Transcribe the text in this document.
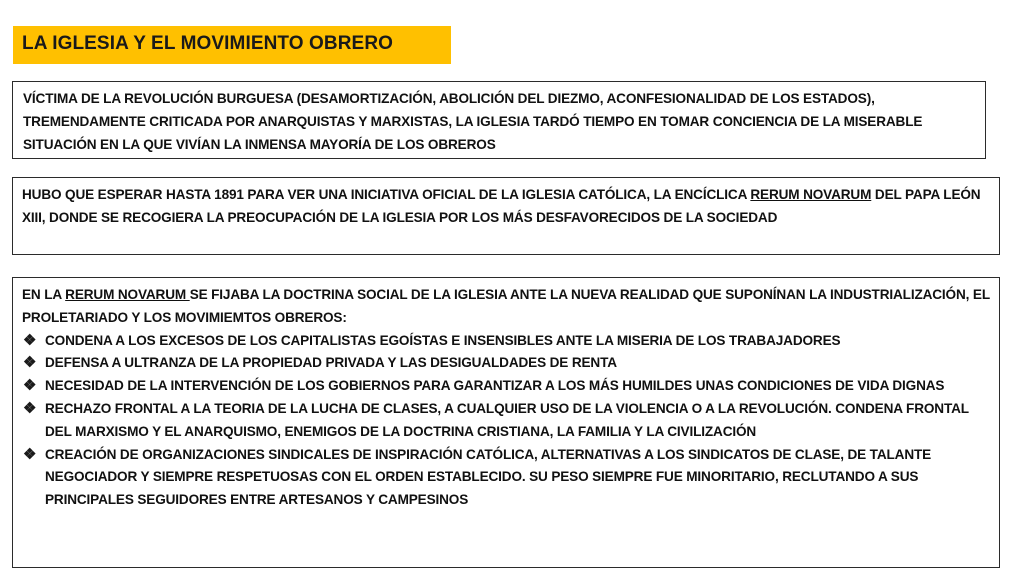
LA IGLESIA Y EL MOVIMIENTO OBRERO

VÍCTIMA DE LA REVOLUCIÓN BURGUESA (DESAMORTIZACIÓN, ABOLICIÓN DEL DIEZMO, ACONFESIONALIDAD DE LOS ESTADOS), TREMENDAMENTE CRITICADA POR ANARQUISTAS Y MARXISTAS, LA IGLESIA TARDÓ TIEMPO EN TOMAR CONCIENCIA DE LA MISERABLE SITUACIÓN EN LA QUE VIVÍAN LA INMENSA MAYORÍA DE LOS OBREROS

HUBO QUE ESPERAR HASTA 1891 PARA VER UNA INICIATIVA OFICIAL DE LA IGLESIA CATÓLICA, LA ENCÍCLICA RERUM NOVARUM DEL PAPA LEÓN XIII, DONDE SE RECOGIERA LA PREOCUPACIÓN DE LA IGLESIA POR LOS MÁS DESFAVORECIDOS DE LA SOCIEDAD

EN LA RERUM NOVARUM SE FIJABA LA DOCTRINA SOCIAL DE LA IGLESIA ANTE LA NUEVA REALIDAD QUE SUPONÍNAN LA INDUSTRIALIZACIÓN, EL PROLETARIADO Y LOS MOVIMIEMTOS OBREROS:

❖ CONDENA A LOS EXCESOS DE LOS CAPITALISTAS EGOÍSTAS E INSENSIBLES ANTE LA MISERIA DE LOS TRABAJADORES
❖ DEFENSA A ULTRANZA DE LA PROPIEDAD PRIVADA Y LAS DESIGUALDADES DE RENTA
❖ NECESIDAD DE LA INTERVENCIÓN DE LOS GOBIERNOS PARA GARANTIZAR A LOS MÁS HUMILDES UNAS CONDICIONES DE VIDA DIGNAS
❖ RECHAZO FRONTAL A LA TEORIA DE LA LUCHA DE CLASES, A CUALQUIER USO DE LA VIOLENCIA O A LA REVOLUCIÓN. CONDENA FRONTAL DEL MARXISMO Y EL ANARQUISMO, ENEMIGOS DE LA DOCTRINA CRISTIANA, LA FAMILIA Y LA CIVILIZACIÓN
❖ CREACIÓN DE ORGANIZACIONES SINDICALES DE INSPIRACIÓN CATÓLICA, ALTERNATIVAS A LOS SINDICATOS DE CLASE, DE TALANTE NEGOCIADOR Y SIEMPRE RESPETUOSAS CON EL ORDEN ESTABLECIDO. SU PESO SIEMPRE FUE MINORITARIO, RECLUTANDO A SUS PRINCIPALES SEGUIDORES ENTRE ARTESANOS Y CAMPESINOS
